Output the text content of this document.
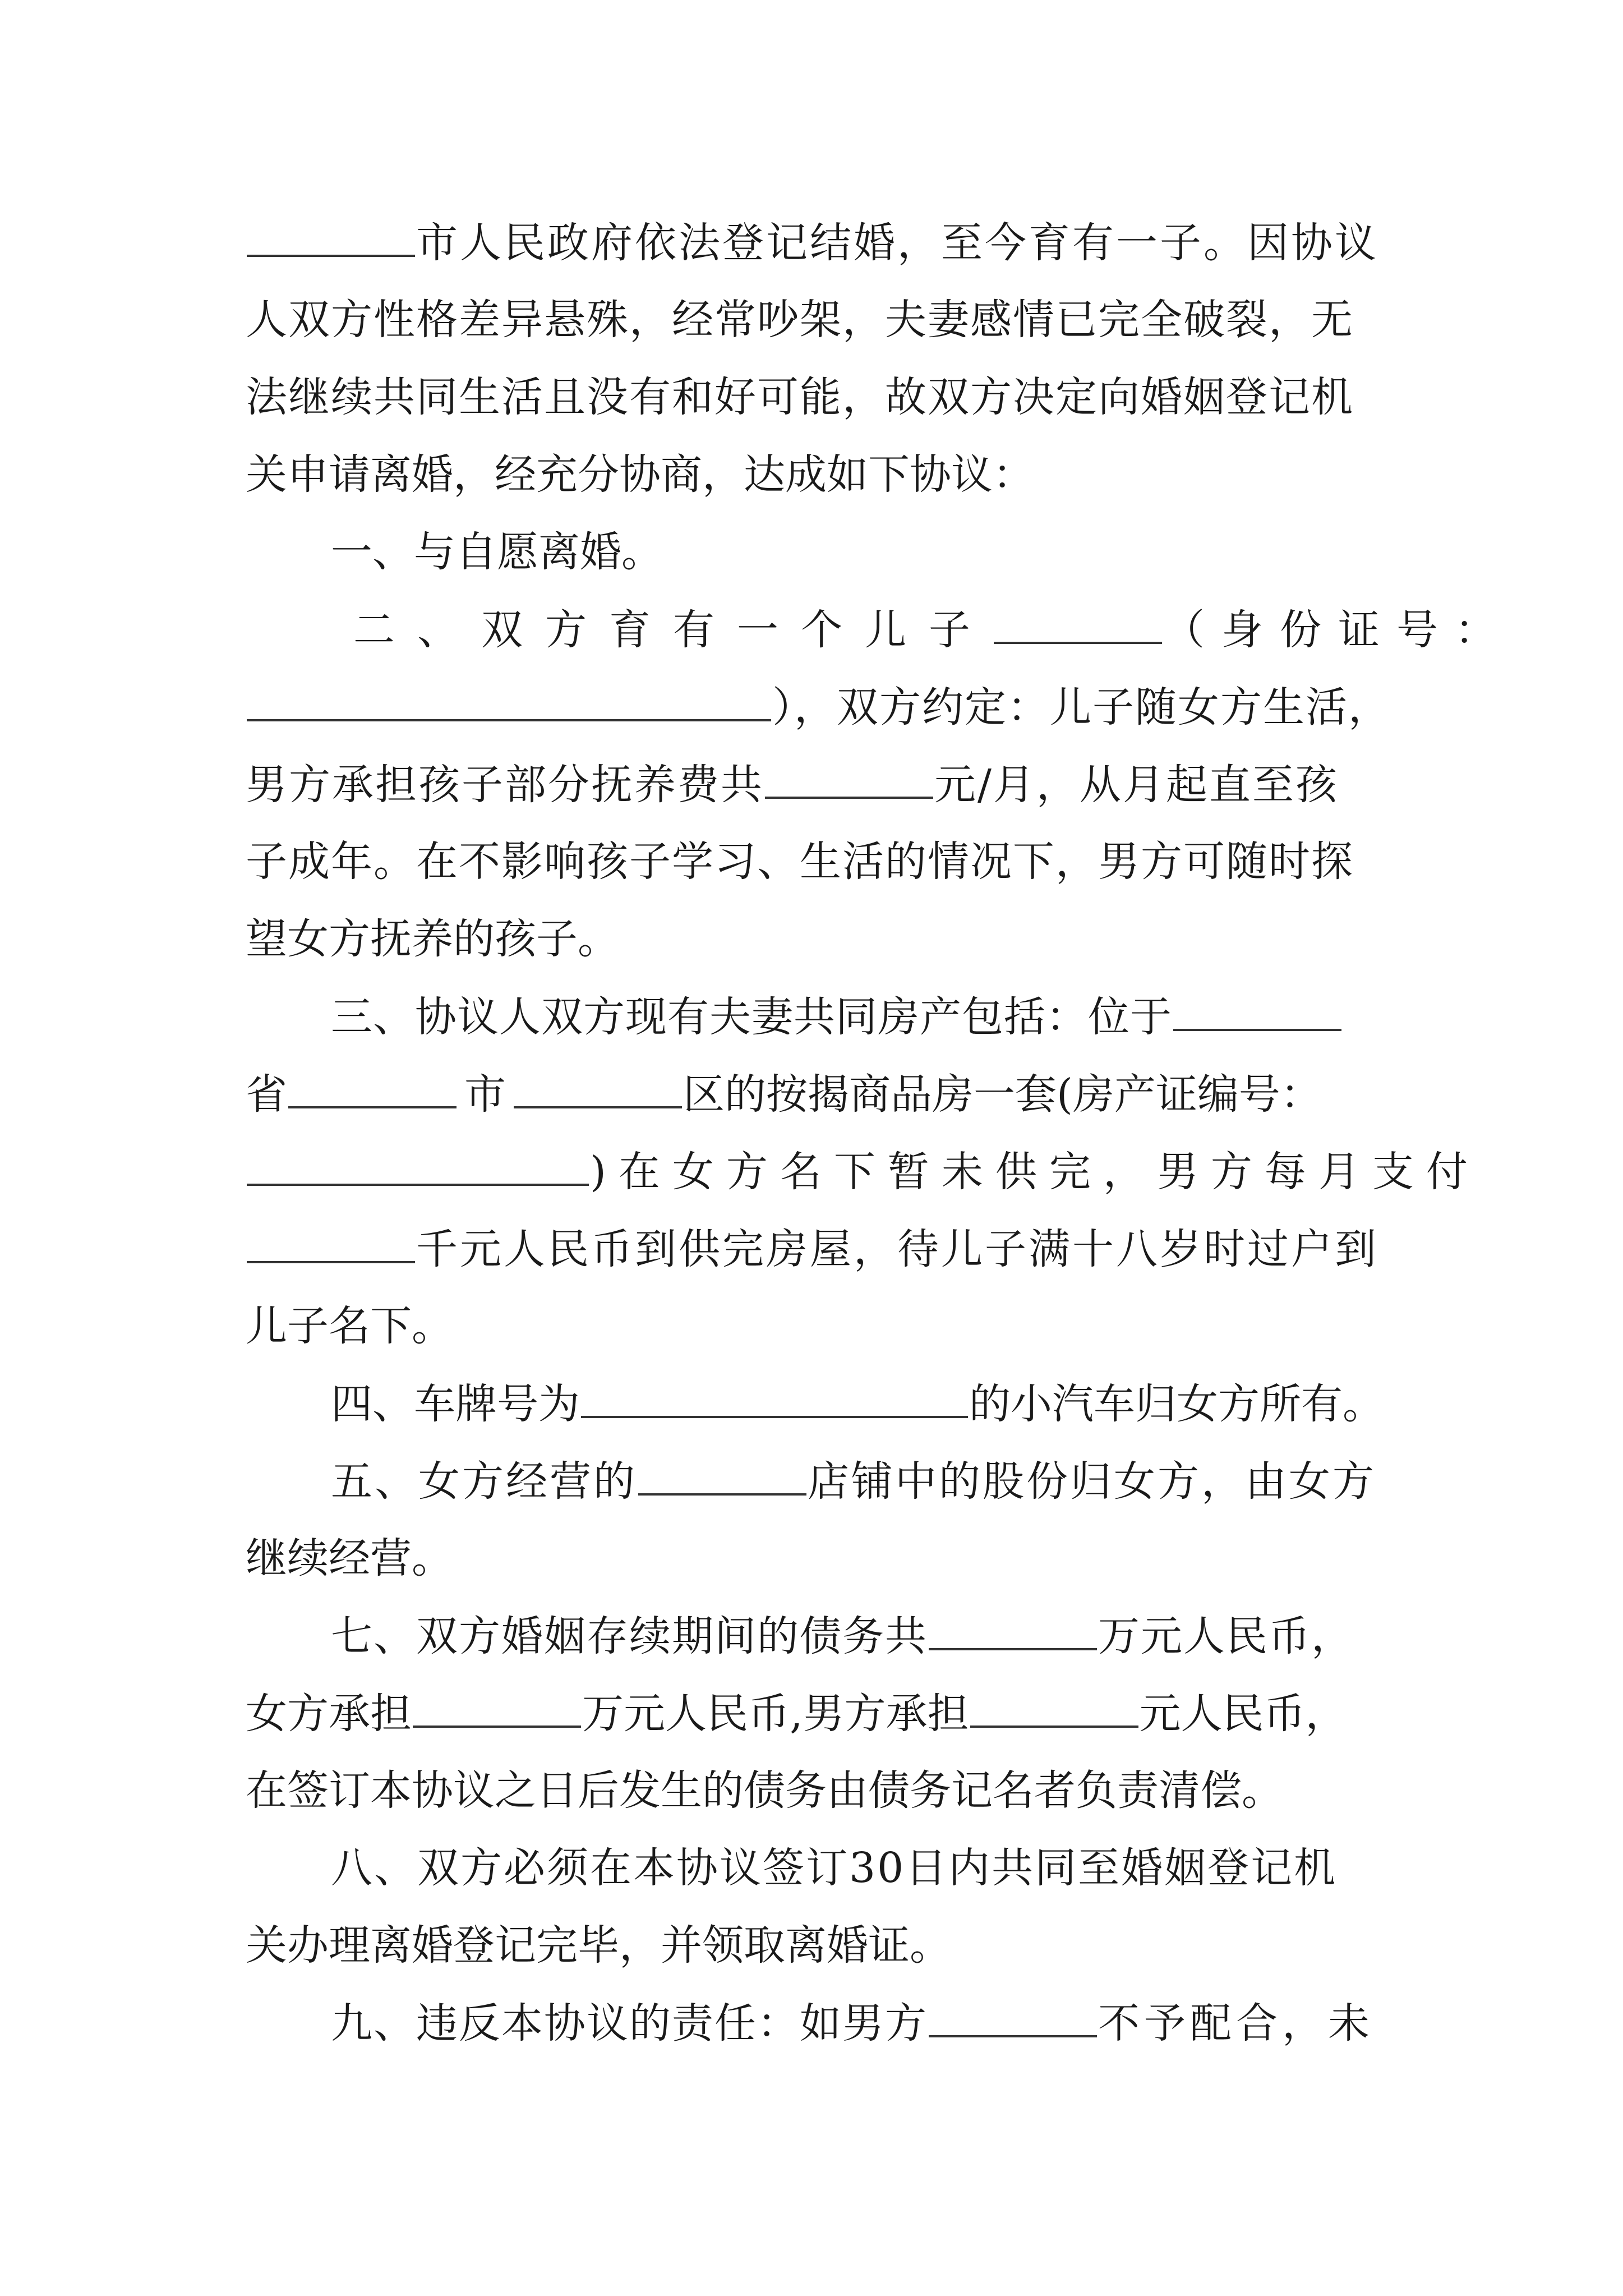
市人民政府依法登记结婚，至今育有一子。因协议
人双方性格差异悬殊，经常吵架，夫妻感情已完全破裂，无
法继续共同生活且没有和好可能，故双方决定向婚姻登记机
关申请离婚，经充分协商，达成如下协议：
一、与自愿离婚。
二、双方育有一个儿子	（身份证号：
），双方约定：儿子随女方生活，
男方承担孩子部分抚养费共	元/月，从月起直至孩
子成年。在不影响孩子学习、生活的情况下，男方可随时探
望女方抚养的孩子。
三、协议人双方现有夫妻共同房产包括：位于
省	市	区的按揭商品房一套(房产证编号：
)在女方名下暂未供完，男方每月支付
千元人民币到供完房屋，待儿子满十八岁时过户到
儿子名下。
四、车牌号为	的小汽车归女方所有。
五、女方经营的	店铺中的股份归女方，由女方
继续经营。
七、双方婚姻存续期间的债务共	万元人民币，
女方承担	万元人民币,男方承担	元人民币，
在签订本协议之日后发生的债务由债务记名者负责清偿。
八、双方必须在本协议签订30日内共同至婚姻登记机
关办理离婚登记完毕，并领取离婚证。
九、违反本协议的责任：如男方	不予配合，未
